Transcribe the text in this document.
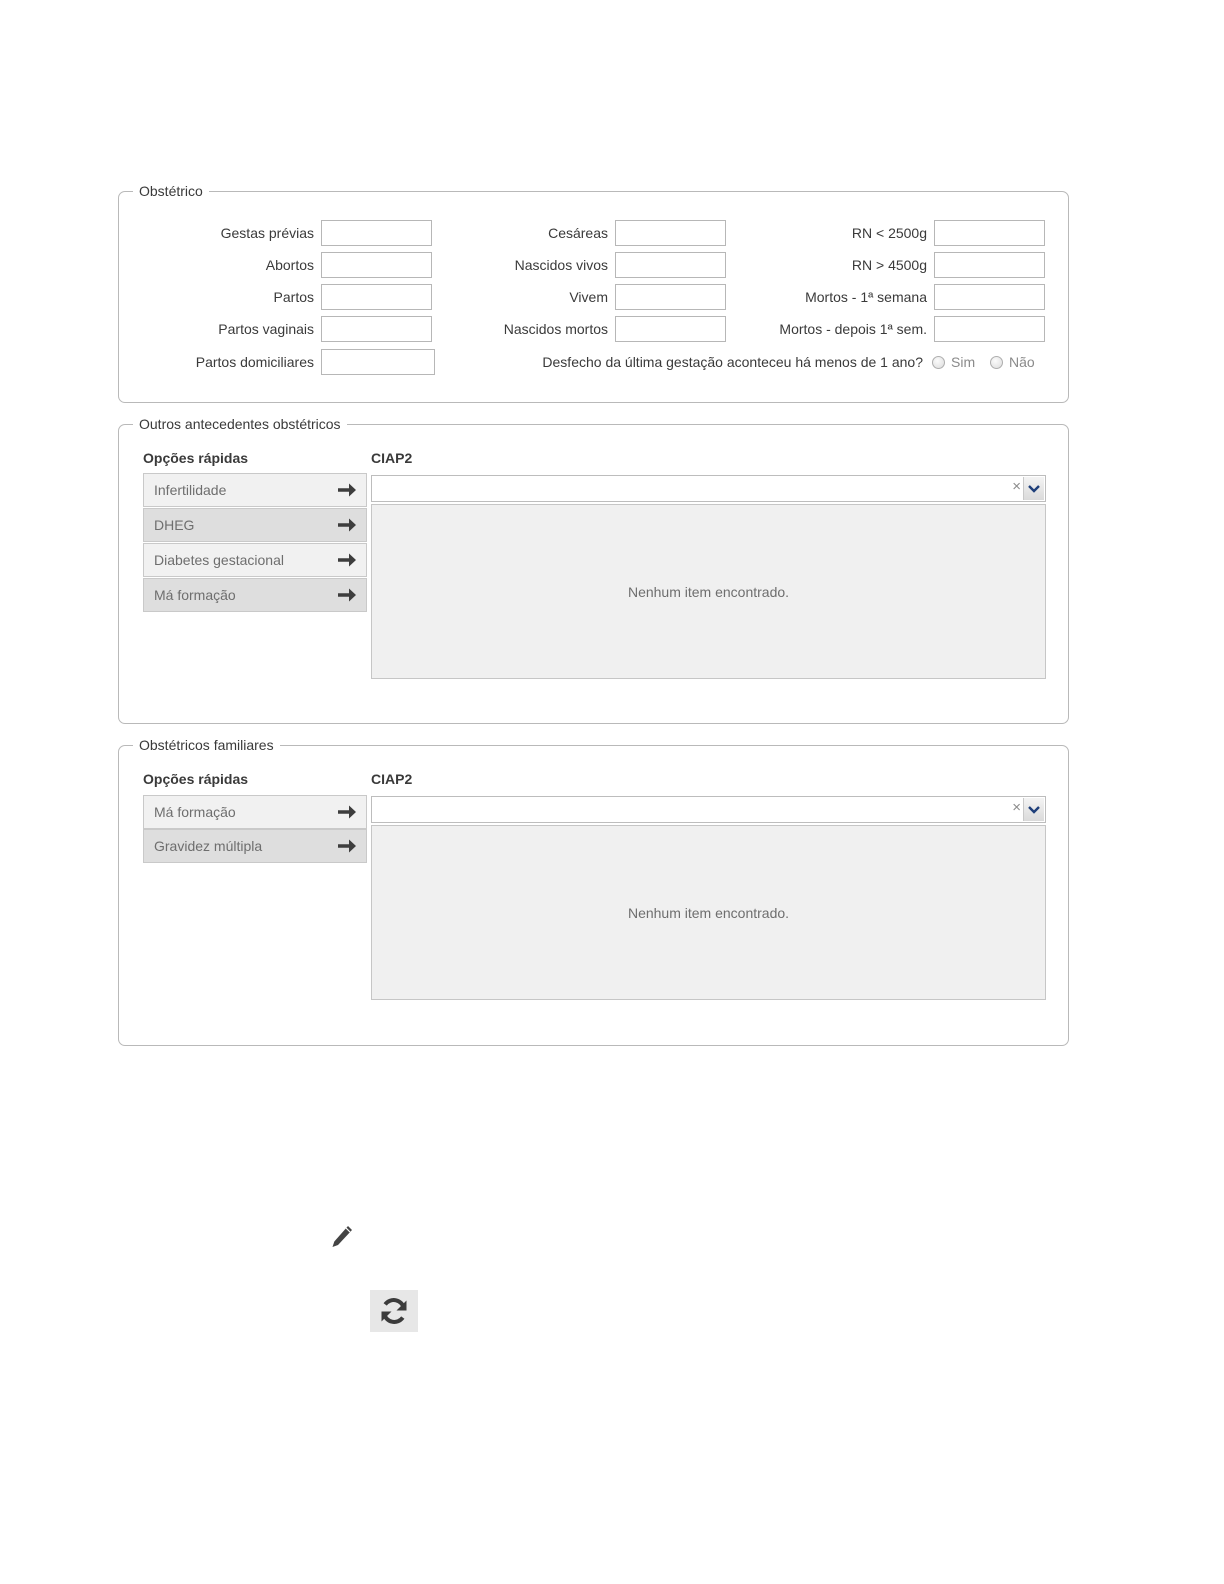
Obstétrico
Gestas prévias
Abortos
Partos
Partos vaginais
Partos domiciliares
Cesáreas
Nascidos vivos
Vivem
Nascidos mortos
RN < 2500g
RN > 4500g
Mortos - 1ª semana
Mortos - depois 1ª sem.
Desfecho da última gestação aconteceu há menos de 1 ano? Sim Não
Outros antecedentes obstétricos
Opções rápidas	CIAP2
Infertilidade
DHEG
Diabetes gestacional
Má formação
×
Nenhum item encontrado.
Obstétricos familiares
Opções rápidas	CIAP2
Má formação
Gravidez múltipla
×
Nenhum item encontrado.
